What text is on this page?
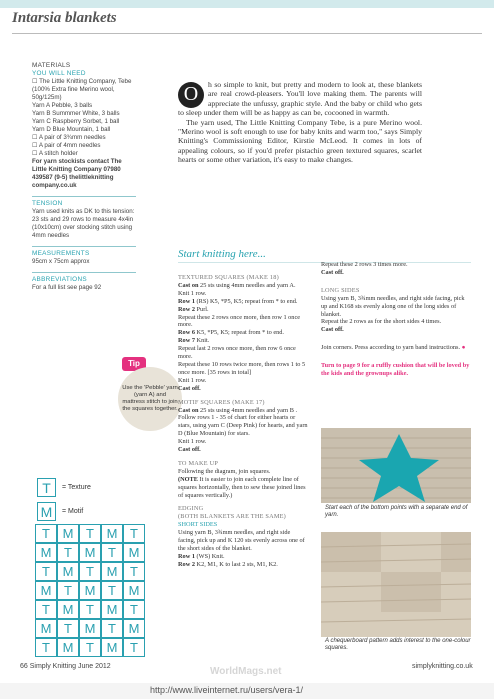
Intarsia blankets
MATERIALS
YOU WILL NEED

☐ The Little Knitting Company, Tebe (100% Extra fine Merino wool, 50g/125m)

Yarn A Pebble, 3 balls

Yarn B Summmer White, 3 balls

Yarn C Raspberry Sorbet, 1 ball

Yarn D Blue Mountain, 1 ball

☐ A pair of 3¾mm needles

☐ A pair of 4mm needles

☐ A stitch holder

For yarn stockists contact The Little Knitting Company 07980 439587 (9-5) thelittleknitting company.co.uk

TENSION

Yarn used knits as DK to this tension: 23 sts and 29 rows to measure 4x4in (10x10cm) over stocking stitch using 4mm needles

MEASUREMENTS

95cm x 75cm approx

ABBREVIATIONS

For a full list see page 92

T	= Texture
M	= Motif
T M T M T
M T M T M
T M T M T
M T M T M
T M T M T
M T M T M
T M T M T
O	h so simple to knit, but pretty and modern to look at, these blankets are real crowd-pleasers. You'll love making them. The parents will appreciate the unfussy, graphic style. And the baby or child who gets to sleep under them will be as happy as can be, cocooned in warmth.
The yarn used, The Little Knitting Company Tebe, is a pure Merino wool. "Merino wool is soft enough to use for baby knits and warm too," says Simply Knitting's Commissioning Editor, Kirstie McLeod. It comes in lots of appealing colours, so if you'd prefer pistachio green textured squares, scarlet hearts or some other variation, it's easy to make changes.
Tip
Use the 'Pebble' yarn (yarn A) and mattress stitch to join the squares together.
Start knitting here...

TEXTURED SQUARES (MAKE 18)

Cast on 25 sts using 4mm needles and yarn A.

Knit 1 row.

Row 1 (RS) K5, *P5, K5; repeat from * to end.

Row 2 Purl.

Repeat these 2 rows once more, then row 1 once more.

Row 6 K5, *P5, K5; repeat from * to end.

Row 7 Knit.

Repeat last 2 rows once more, then row 6 once more.

Repeat these 10 rows twice more, then rows 1 to 5 once more. [35 rows in total]

Knit 1 row.

Cast off.

MOTIF SQUARES (MAKE 17)

Cast on 25 sts using 4mm needles and yarn B .

Follow rows 1 - 35 of chart for either hearts or stars, using yarn C (Deep Pink) for hearts, and yarn D (Blue Mountain) for stars.

Knit 1 row.

Cast off.

TO MAKE UP

Following the diagram, join squares.

(NOTE It is easier to join each complete line of squares horizontally, then to sew these joined lines of squares vertically.)

EDGING

(BOTH BLANKETS ARE THE SAME)

SHORT SIDES

Using yarn B, 3¾mm needles, and right side facing, pick up and K 120 sts evenly across one of the short sides of the blanket.

Row 1 (WS) Knit.

Row 2 K2, M1, K to last 2 sts, M1, K2.

Repeat these 2 rows 3 times more.

Cast off.

LONG SIDES

Using yarn B, 3¾mm needles, and right side facing, pick up and K168 sts evenly along one of the long sides of blanket.

Repeat the 2 rows as for the short sides 4 times.

Cast off.

Join corners. Press according to yarn band instructions. ●

Turn to page 9 for a ruffly cushion that will be loved by the kids and the grownups alike.

Start each of the bottom points with a separate end of yarn.
A chequerboard pattern adds interest to the one-colour squares.
66 Simply Knitting June 2012	WorldMags.net	simplyknitting.co.uk
http://www.liveinternet.ru/users/vera-1/
